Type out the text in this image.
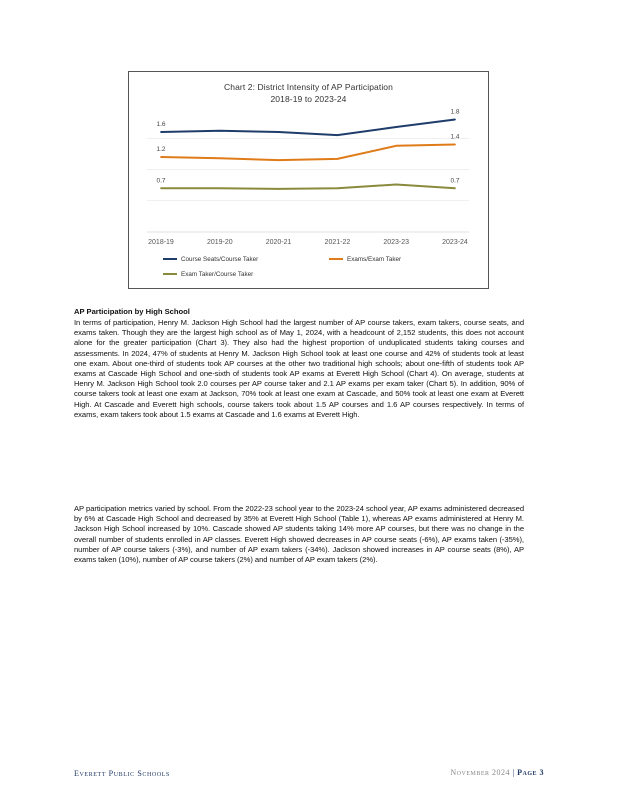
Chart 2: District Intensity of AP Participation
2018-19 to 2023-24
2018-19	2019-20	2020-21	2021-22	2023-23	2023-24
1.6
1.8
1.2
1.4
0.7	0.7
Course Seats/Course Taker	Exams/Exam Taker
Exam Taker/Course Taker
AP Participation by High School
In terms of participation, Henry M. Jackson High School had the largest number of AP course takers, exam takers, course seats, and exams taken. Though they are the largest high school as of May 1, 2024, with a headcount of 2,152 students, this does not account alone for the greater participation (Chart 3). They also had the highest proportion of unduplicated students taking courses and assessments. In 2024, 47% of students at Henry M. Jackson High School took at least one course and 42% of students took at least one exam. About one-third of students took AP courses at the other two traditional high schools; about one-fifth of students took AP exams at Cascade High School and one-sixth of students took AP exams at Everett High School (Chart 4). On average, students at Henry M. Jackson High School took 2.0 courses per AP course taker and 2.1 AP exams per exam taker (Chart 5). In addition, 90% of course takers took at least one exam at Jackson, 70% took at least one exam at Cascade, and 50% took at least one exam at Everett High. At Cascade and Everett high schools, course takers took about 1.5 AP courses and 1.6 AP courses respectively. In terms of exams, exam takers took about 1.5 exams at Cascade and 1.6 exams at Everett High.
AP participation metrics varied by school. From the 2022-23 school year to the 2023-24 school year, AP exams administered decreased by 6% at Cascade High School and decreased by 35% at Everett High School (Table 1), whereas AP exams administered at Henry M. Jackson High School increased by 10%. Cascade showed AP students taking 14% more AP courses, but there was no change in the overall number of students enrolled in AP classes. Everett High showed decreases in AP course seats (-6%), AP exams taken (-35%), number of AP course takers (-3%), and number of AP exam takers (-34%). Jackson showed increases in AP course seats (8%), AP exams taken (10%), number of AP course takers (2%) and number of AP exam takers (2%).
Everett Public Schools	November 2024 | Page 3
